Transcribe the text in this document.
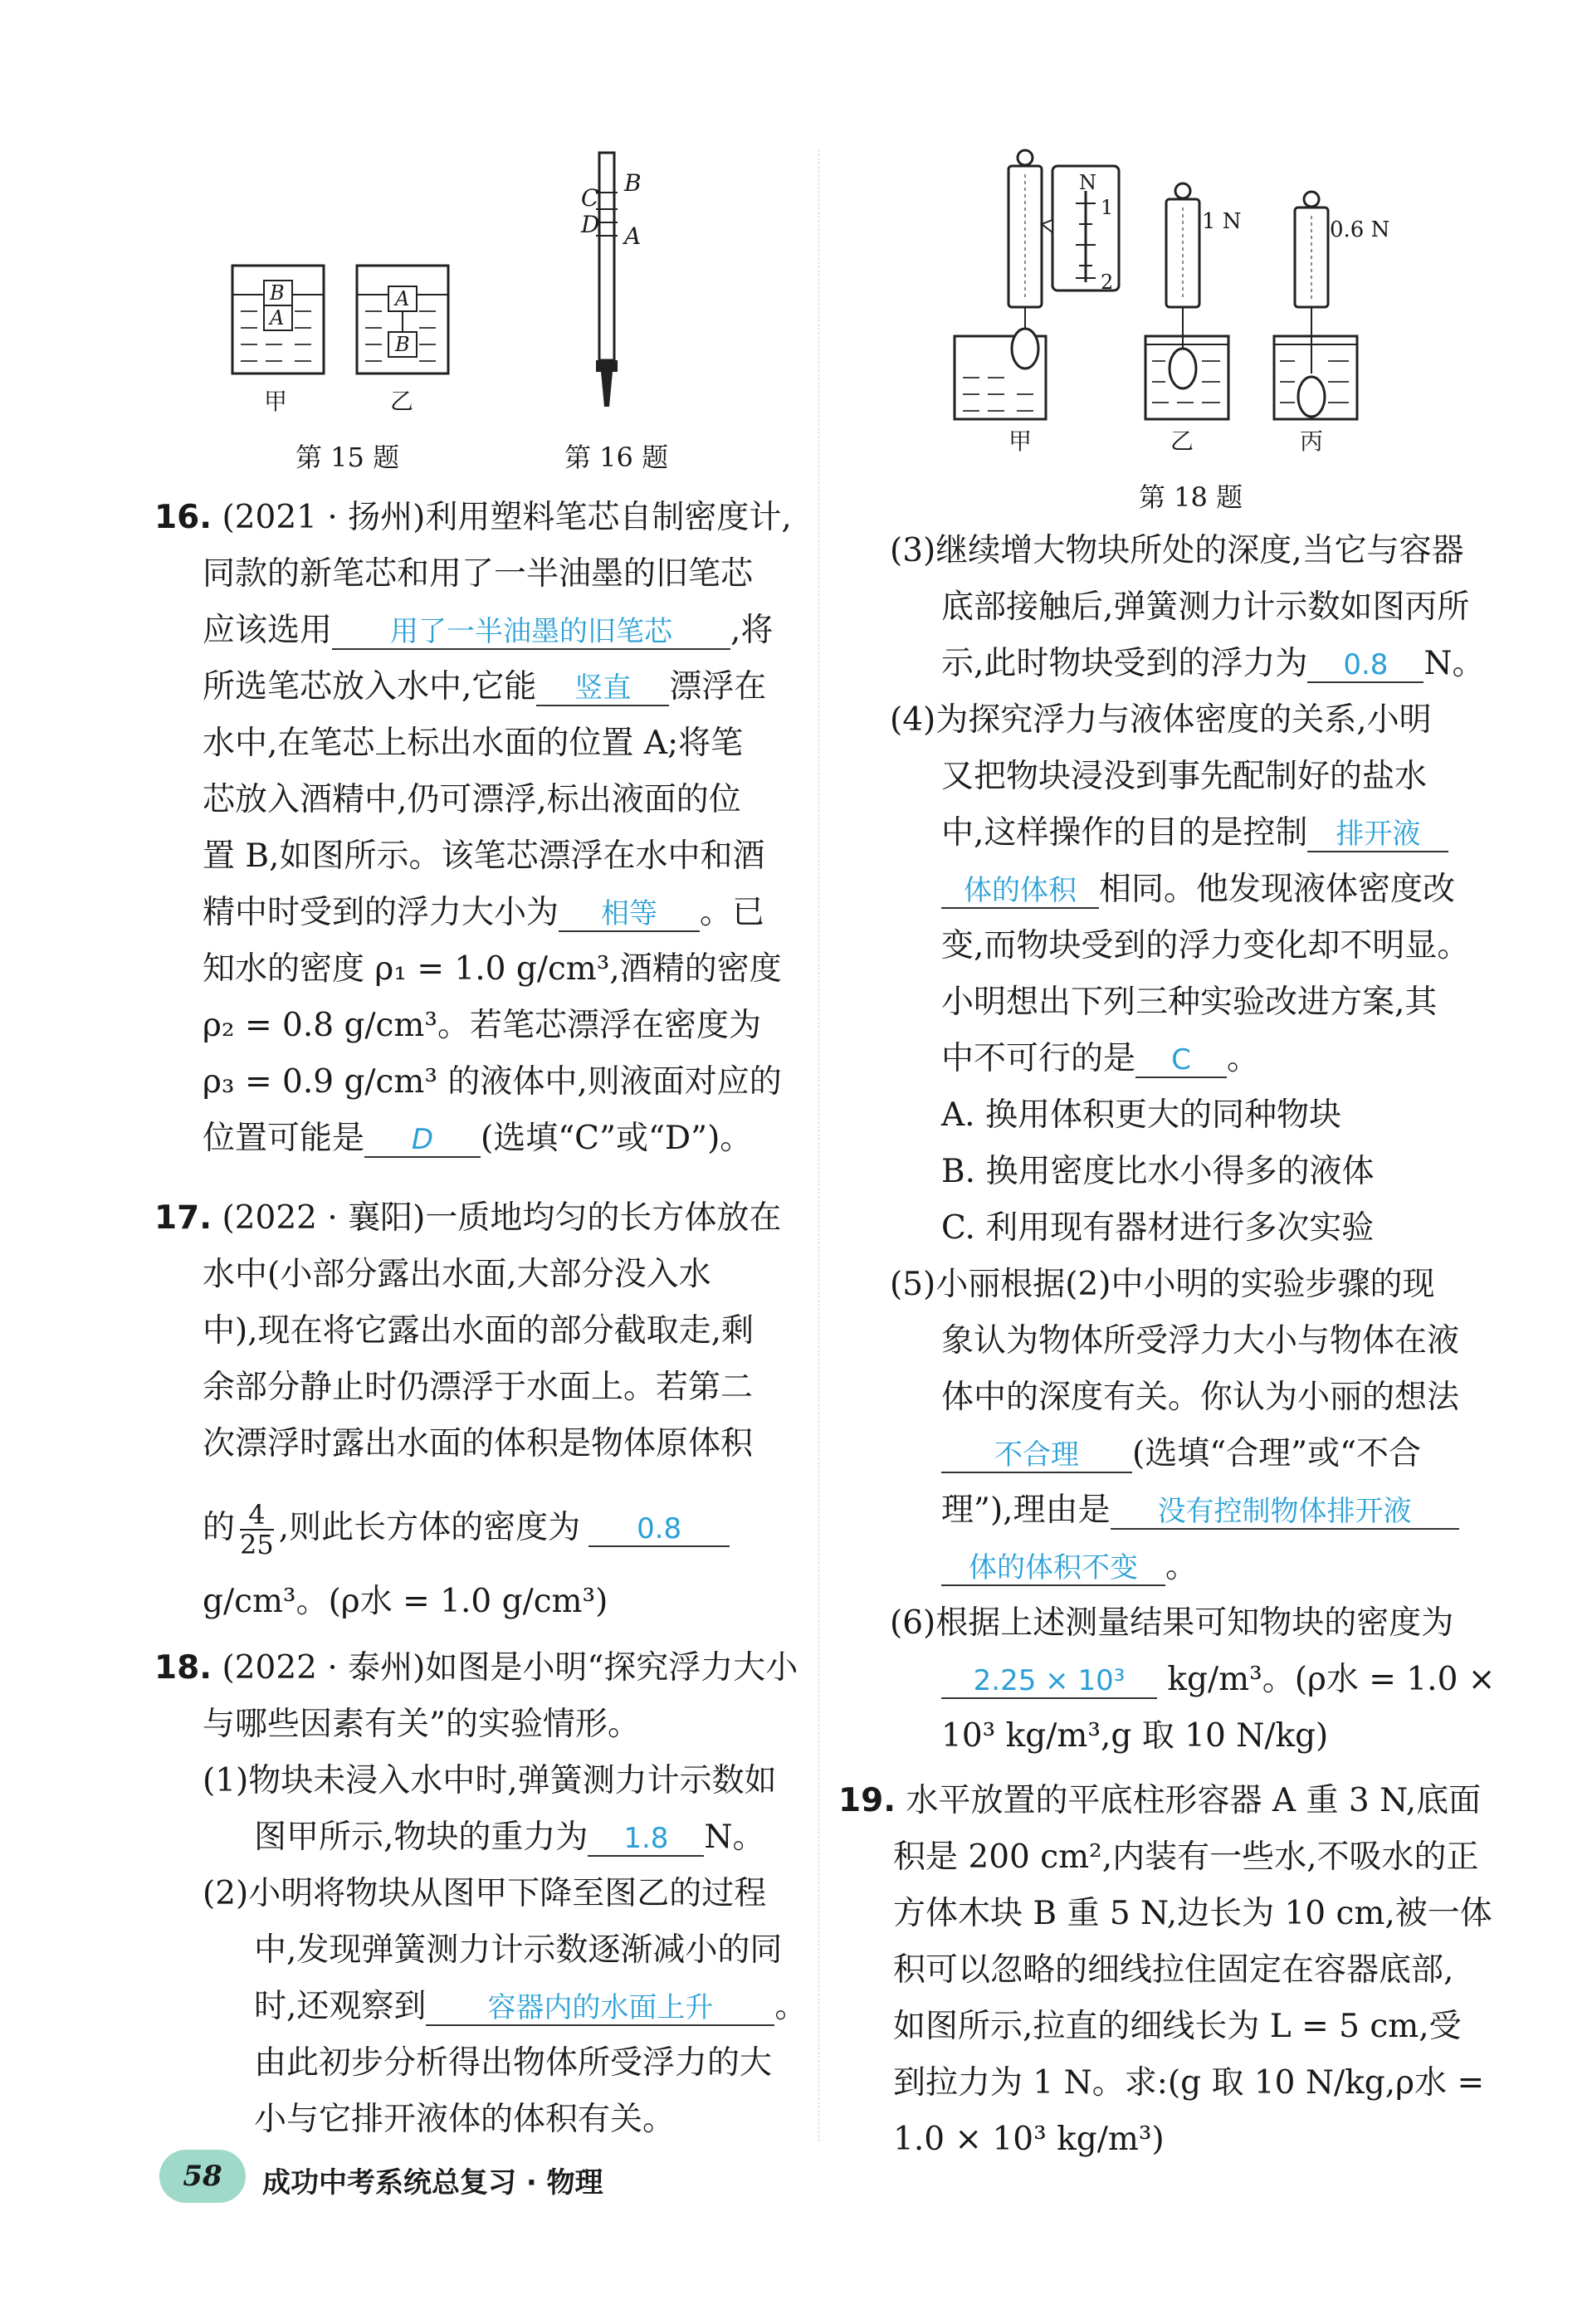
B
A
A
B
甲	乙
第 15 题
C
D
B
A
第 16 题
N
1
2
1 N	0.6 N
甲	乙	丙
第 18 题
16. (2021 · 扬州)利用塑料笔芯自制密度计,
同款的新笔芯和用了一半油墨的旧笔芯
应该选用 用了一半油墨的旧笔芯 ,将
所选笔芯放入水中,它能 竖直 漂浮在
水中,在笔芯上标出水面的位置 A;将笔
芯放入酒精中,仍可漂浮,标出液面的位
置 B,如图所示。该笔芯漂浮在水中和酒
精中时受到的浮力大小为 相等 。已
知水的密度 ρ₁ = 1.0 g/cm³,酒精的密度
ρ₂ = 0.8 g/cm³。若笔芯漂浮在密度为
ρ₃ = 0.9 g/cm³ 的液体中,则液面对应的
位置可能是 D (选填“C”或“D”)。
17. (2022 · 襄阳)一质地均匀的长方体放在
水中(小部分露出水面,大部分没入水
中),现在将它露出水面的部分截取走,剩
余部分静止时仍漂浮于水面上。若第二
次漂浮时露出水面的体积是物体原体积
的 $\frac{4}{25}$ ,则此长方体的密度为 0.8
g/cm³。(ρ水 = 1.0 g/cm³)
18. (2022 · 泰州)如图是小明“探究浮力大小
与哪些因素有关”的实验情形。
(1)物块未浸入水中时,弹簧测力计示数如
图甲所示,物块的重力为 1.8 N。
(2)小明将物块从图甲下降至图乙的过程
中,发现弹簧测力计示数逐渐减小的同
时,还观察到 容器内的水面上升 。
由此初步分析得出物体所受浮力的大
小与它排开液体的体积有关。
(3)继续增大物块所处的深度,当它与容器
底部接触后,弹簧测力计示数如图丙所
示,此时物块受到的浮力为 0.8 N。
(4)为探究浮力与液体密度的关系,小明
又把物块浸没到事先配制好的盐水
中,这样操作的目的是控制 排开液
体的体积 相同。他发现液体密度改
变,而物块受到的浮力变化却不明显。
小明想出下列三种实验改进方案,其
中不可行的是 C 。
A. 换用体积更大的同种物块
B. 换用密度比水小得多的液体
C. 利用现有器材进行多次实验
(5)小丽根据(2)中小明的实验步骤的现
象认为物体所受浮力大小与物体在液
体中的深度有关。你认为小丽的想法
不合理 (选填“合理”或“不合
理”),理由是 没有控制物体排开液
体的体积不变 。
(6)根据上述测量结果可知物块的密度为
2.25 × 10³ kg/m³。(ρ水 = 1.0 ×
10³ kg/m³,g 取 10 N/kg)
19. 水平放置的平底柱形容器 A 重 3 N,底面
积是 200 cm²,内装有一些水,不吸水的正
方体木块 B 重 5 N,边长为 10 cm,被一体
积可以忽略的细线拉住固定在容器底部,
如图所示,拉直的细线长为 L = 5 cm,受
到拉力为 1 N。求:(g 取 10 N/kg,ρ水 =
1.0 × 10³ kg/m³)
58	成功中考系统总复习 · 物理
